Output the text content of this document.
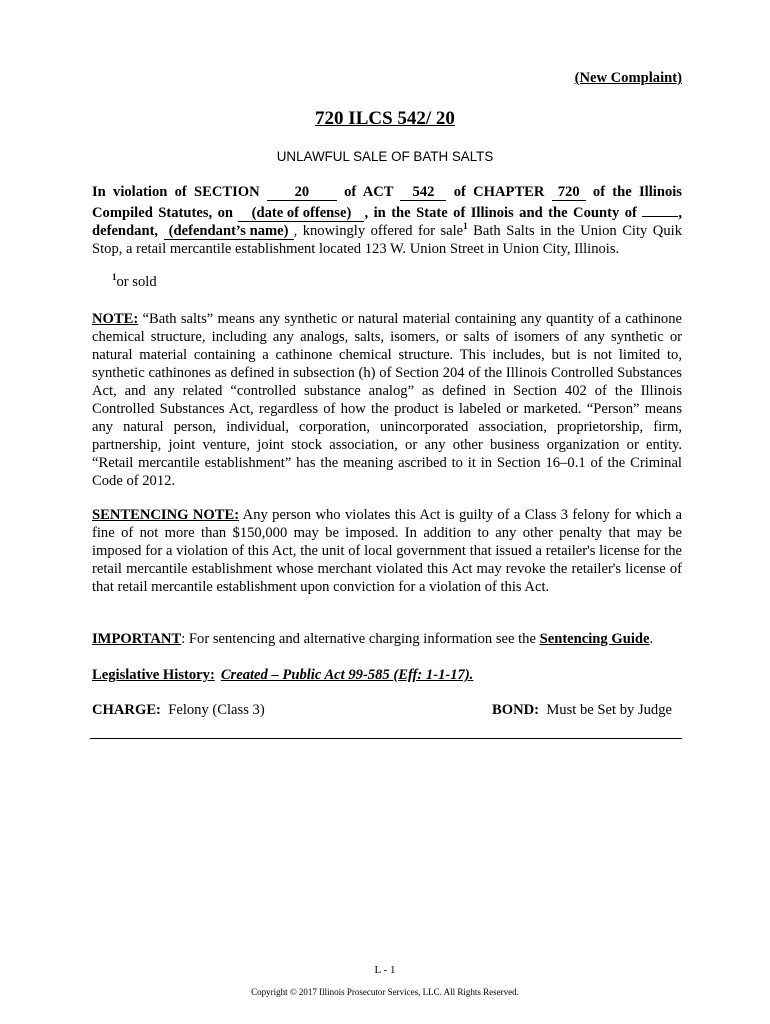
(New Complaint)
720 ILCS 542/ 20
UNLAWFUL SALE OF BATH SALTS
In violation of SECTION 20 of ACT 542 of CHAPTER 720 of the Illinois Compiled Statutes, on (date of offense) , in the State of Illinois and the County of , defendant, (defendant’s name) , knowingly offered for sale$^1$ Bath Salts in the Union City Quik Stop, a retail mercantile establishment located 123 W. Union Street in Union City, Illinois.
$^1$or sold
NOTE: “Bath salts” means any synthetic or natural material containing any quantity of a cathinone chemical structure, including any analogs, salts, isomers, or salts of isomers of any synthetic or natural material containing a cathinone chemical structure. This includes, but is not limited to, synthetic cathinones as defined in subsection (h) of Section 204 of the Illinois Controlled Substances Act, and any related “controlled substance analog” as defined in Section 402 of the Illinois Controlled Substances Act, regardless of how the product is labeled or marketed. “Person” means any natural person, individual, corporation, unincorporated association, proprietorship, firm, partnership, joint venture, joint stock association, or any other business organization or entity. “Retail mercantile establishment” has the meaning ascribed to it in Section 16–0.1 of the Criminal Code of 2012.
SENTENCING NOTE: Any person who violates this Act is guilty of a Class 3 felony for which a fine of not more than $150,000 may be imposed. In addition to any other penalty that may be imposed for a violation of this Act, the unit of local government that issued a retailer's license for the retail mercantile establishment whose merchant violated this Act may revoke the retailer's license of that retail mercantile establishment upon conviction for a violation of this Act.
IMPORTANT: For sentencing and alternative charging information see the Sentencing Guide.
Legislative History: Created – Public Act 99-585 (Eff: 1-1-17).
CHARGE: Felony (Class 3)	BOND: Must be Set by Judge
L - 1
Copyright © 2017 Illinois Prosecutor Services, LLC. All Rights Reserved.
